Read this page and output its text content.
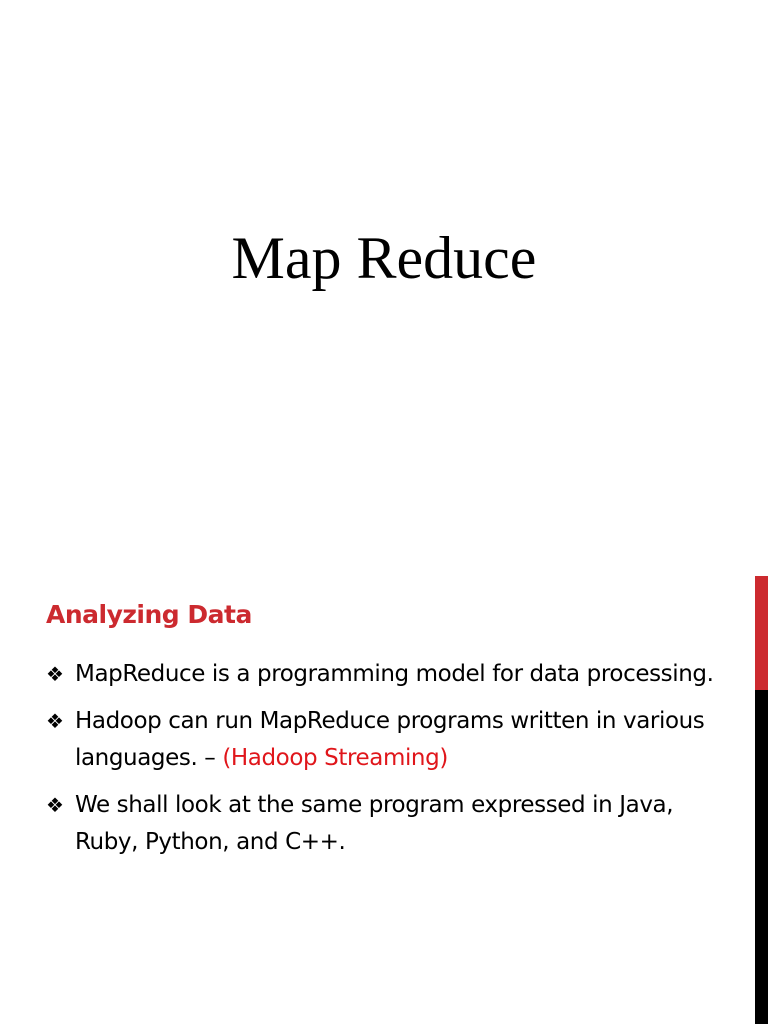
Map Reduce
Analyzing Data
❖ MapReduce is a programming model for data processing.
❖ Hadoop can run MapReduce programs written in various languages. – (Hadoop Streaming)
❖ We shall look at the same program expressed in Java, Ruby, Python, and C++.
